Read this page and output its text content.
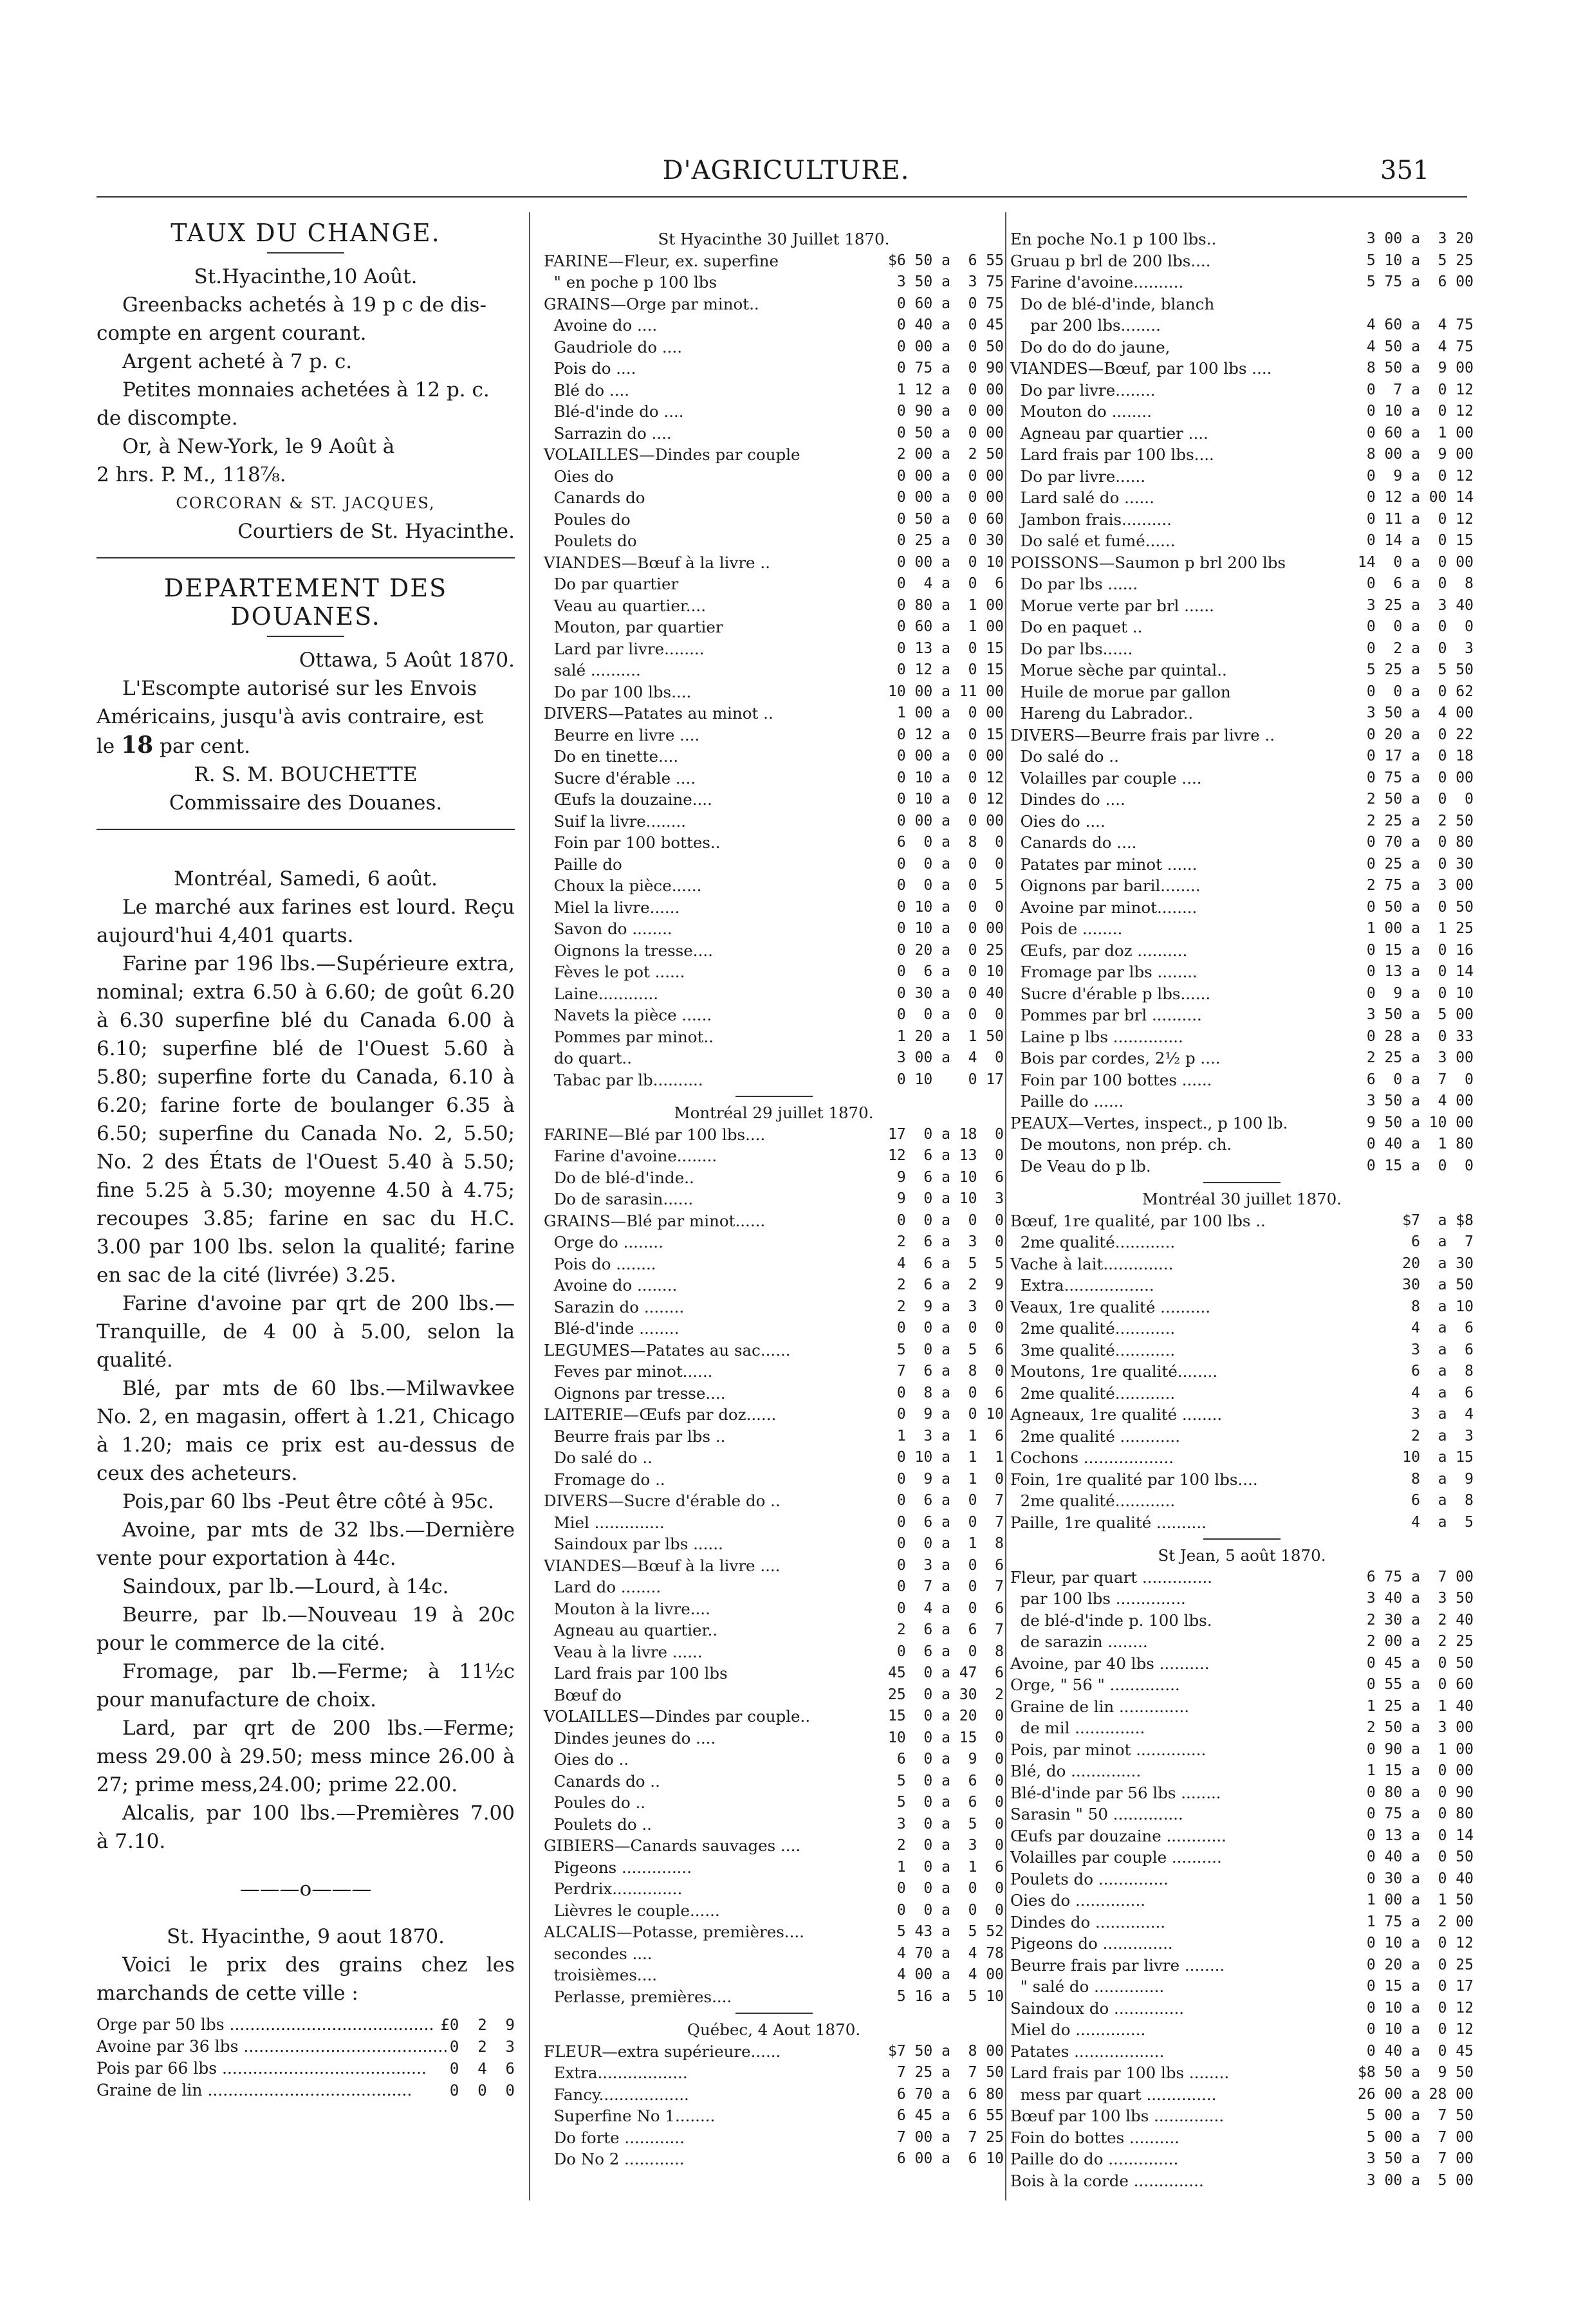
D'AGRICULTURE.	351

TAUX DU CHANGE.

St.Hyacinthe,10 Août.

Greenbacks achetés à 19 p c de dis-

compte en argent courant.

Argent acheté à 7 p. c.

Petites monnaies achetées à 12 p. c.

de discompte.

Or, à New-York, le 9 Août à

2 hrs. P. M., 118⅞.

CORCORAN & ST. JACQUES,

Courtiers de St. Hyacinthe.

DEPARTEMENT DES DOUANES.

Ottawa, 5 Août 1870.

L'Escompte autorisé sur les Envois

Américains, jusqu'à avis contraire, est

le 18 par cent.

R. S. M. BOUCHETTE

Commissaire des Douanes.

Montréal, Samedi, 6 août.

Le marché aux farines est lourd. Reçu aujourd'hui 4,401 quarts.

Farine par 196 lbs.—Supérieure extra, nominal; extra 6.50 à 6.60; de goût 6.20 à 6.30 superfine blé du Canada 6.00 à 6.10; superfine blé de l'Ouest 5.60 à 5.80; superfine forte du Canada, 6.10 à 6.20; farine forte de boulanger 6.35 à 6.50; superfine du Canada No. 2, 5.50; No. 2 des États de l'Ouest 5.40 à 5.50; fine 5.25 à 5.30; moyenne 4.50 à 4.75; recoupes 3.85; farine en sac du H.C. 3.00 par 100 lbs. selon la qualité; farine en sac de la cité (livrée) 3.25.

Farine d'avoine par qrt de 200 lbs.—Tranquille, de 4 00 à 5.00, selon la qualité.

Blé, par mts de 60 lbs.—Milwavkee No. 2, en magasin, offert à 1.21, Chicago à 1.20; mais ce prix est au-dessus de ceux des acheteurs.

Pois,par 60 lbs -Peut être côté à 95c.

Avoine, par mts de 32 lbs.—Dernière vente pour exportation à 44c.

Saindoux, par lb.—Lourd, à 14c.

Beurre, par lb.—Nouveau 19 à 20c pour le commerce de la cité.

Fromage, par lb.—Ferme; à 11½c pour manufacture de choix.

Lard, par qrt de 200 lbs.—Ferme; mess 29.00 à 29.50; mess mince 26.00 à 27; prime mess,24.00; prime 22.00.

Alcalis, par 100 lbs.—Premières 7.00 à 7.10.

———o———

St. Hyacinthe, 9 aout 1870.

Voici le prix des grains chez les marchands de cette ville :

Orge par 50 lbs ........................................ £0  2  9
Avoine par 36 lbs ........................................ 0  2  3
Pois par 66 lbs ........................................	0  4  6
Graine de lin ........................................	0  0  0
St Hyacinthe 30 Juillet 1870.
FARINE—Fleur, ex. superfine	$6 50 a  6 55
" en poche p 100 lbs	3 50 a  3 75
GRAINS—Orge par minot..	0 60 a  0 75
Avoine do ....	0 40 a  0 45
Gaudriole do ....	0 00 a  0 50
Pois do ....	0 75 a  0 90
Blé do ....	1 12 a  0 00
Blé-d'inde do ....	0 90 a  0 00
Sarrazin do ....	0 50 a  0 00
VOLAILLES—Dindes par couple	2 00 a  2 50
Oies do	0 00 a  0 00
Canards do	0 00 a  0 00
Poules do	0 50 a  0 60
Poulets do	0 25 a  0 30
VIANDES—Bœuf à la livre ..	0 00 a  0 10
Do par quartier	0  4 a  0  6
Veau au quartier....	0 80 a  1 00
Mouton, par quartier	0 60 a  1 00
Lard par livre........	0 13 a  0 15
salé ..........	0 12 a  0 15
Do par 100 lbs....	10 00 a 11 00
DIVERS—Patates au minot ..	1 00 a  0 00
Beurre en livre ....	0 12 a  0 15
Do en tinette....	0 00 a  0 00
Sucre d'érable ....	0 10 a  0 12
Œufs la douzaine....	0 10 a  0 12
Suif la livre........	0 00 a  0 00
Foin par 100 bottes..	6  0 a  8  0
Paille do	0  0 a  0  0
Choux la pièce......	0  0 a  0  5
Miel la livre......	0 10 a  0  0
Savon do ........	0 10 a  0 00
Oignons la tresse....	0 20 a  0 25
Fèves le pot ......	0  6 a  0 10
Laine............	0 30 a  0 40
Navets la pièce ......	0  0 a  0  0
Pommes par minot..	1 20 a  1 50
do quart..	3 00 a  4  0
Tabac par lb..........	0 10    0 17
Montréal 29 juillet 1870.
FARINE—Blé par 100 lbs....	17  0 a 18  0
Farine d'avoine........	12  6 a 13  0
Do de blé-d'inde..	9  6 a 10  6
Do de sarasin......	9  0 a 10  3
GRAINS—Blé par minot......	0  0 a  0  0
Orge do ........	2  6 a  3  0
Pois do ........	4  6 a  5  5
Avoine do ........	2  6 a  2  9
Sarazin do ........	2  9 a  3  0
Blé-d'inde ........	0  0 a  0  0
LEGUMES—Patates au sac......	5  0 a  5  6
Feves par minot......	7  6 a  8  0
Oignons par tresse....	0  8 a  0  6
LAITERIE—Œufs par doz......	0  9 a  0 10
Beurre frais par lbs ..	1  3 a  1  6
Do salé do ..	0 10 a  1  1
Fromage do ..	0  9 a  1  0
DIVERS—Sucre d'érable do ..	0  6 a  0  7
Miel ..............	0  6 a  0  7
Saindoux par lbs ......	0  0 a  1  8
VIANDES—Bœuf à la livre ....	0  3 a  0  6
Lard do ........	0  7 a  0  7
Mouton à la livre....	0  4 a  0  6
Agneau au quartier..	2  6 a  6  7
Veau à la livre ......	0  6 a  0  8
Lard frais par 100 lbs	45  0 a 47  6
Bœuf do	25  0 a 30  2
VOLAILLES—Dindes par couple..	15  0 a 20  0
Dindes jeunes do ....	10  0 a 15  0
Oies do ..	6  0 a  9  0
Canards do ..	5  0 a  6  0
Poules do ..	5  0 a  6  0
Poulets do ..	3  0 a  5  0
GIBIERS—Canards sauvages ....	2  0 a  3  0
Pigeons ..............	1  0 a  1  6
Perdrix..............	0  0 a  0  0
Lièvres le couple......	0  0 a  0  0
ALCALIS—Potasse, premières....	5 43 a  5 52
secondes ....	4 70 a  4 78
troisièmes....	4 00 a  4 00
Perlasse, premières....	5 16 a  5 10
Québec, 4 Aout 1870.
FLEUR—extra supérieure......	$7 50 a  8 00
Extra..................	7 25 a  7 50
Fancy..................	6 70 a  6 80
Superfine No 1........	6 45 a  6 55
Do forte ............	7 00 a  7 25
Do No 2 ............	6 00 a  6 10
En poche No.1 p 100 lbs..	3 00 a  3 20
Gruau p brl de 200 lbs....	5 10 a  5 25
Farine d'avoine..........	5 75 a  6 00
Do de blé-d'inde, blanch
par 200 lbs........	4 60 a  4 75
Do do do do jaune,	4 50 a  4 75
VIANDES—Bœuf, par 100 lbs ....	8 50 a  9 00
Do par livre........	0  7 a  0 12
Mouton do ........	0 10 a  0 12
Agneau par quartier ....	0 60 a  1 00
Lard frais par 100 lbs....	8 00 a  9 00
Do par livre......	0  9 a  0 12
Lard salé do ......	0 12 a 00 14
Jambon frais..........	0 11 a  0 12
Do salé et fumé......	0 14 a  0 15
POISSONS—Saumon p brl 200 lbs	14  0 a  0 00
Do par lbs ......	0  6 a  0  8
Morue verte par brl ......	3 25 a  3 40
Do en paquet ..	0  0 a  0  0
Do par lbs......	0  2 a  0  3
Morue sèche par quintal..	5 25 a  5 50
Huile de morue par gallon	0  0 a  0 62
Hareng du Labrador..	3 50 a  4 00
DIVERS—Beurre frais par livre ..	0 20 a  0 22
Do salé do ..	0 17 a  0 18
Volailles par couple ....	0 75 a  0 00
Dindes do ....	2 50 a  0  0
Oies do ....	2 25 a  2 50
Canards do ....	0 70 a  0 80
Patates par minot ......	0 25 a  0 30
Oignons par baril........	2 75 a  3 00
Avoine par minot........	0 50 a  0 50
Pois de ........	1 00 a  1 25
Œufs, par doz ..........	0 15 a  0 16
Fromage par lbs ........	0 13 a  0 14
Sucre d'érable p lbs......	0  9 a  0 10
Pommes par brl ..........	3 50 a  5 00
Laine p lbs ..............	0 28 a  0 33
Bois par cordes, 2½ p ....	2 25 a  3 00
Foin par 100 bottes ......	6  0 a  7  0
Paille do ......	3 50 a  4 00
PEAUX—Vertes, inspect., p 100 lb.	9 50 a 10 00
De moutons, non prép. ch.	0 40 a  1 80
De Veau do p lb.	0 15 a  0  0
Montréal 30 juillet 1870.
Bœuf, 1re qualité, par 100 lbs ..	$7  a $8
2me qualité............	6  a  7
Vache à lait..............	20  a 30
Extra..................	30  a 50
Veaux, 1re qualité ..........	8  a 10
2me qualité............	4  a  6
3me qualité............	3  a  6
Moutons, 1re qualité........	6  a  8
2me qualité............	4  a  6
Agneaux, 1re qualité ........	3  a  4
2me qualité ............	2  a  3
Cochons ..................	10  a 15
Foin, 1re qualité par 100 lbs....	8  a  9
2me qualité............	6  a  8
Paille, 1re qualité ..........	4  a  5
St Jean, 5 août 1870.
Fleur, par quart ..............	6 75 a  7 00
par 100 lbs ..............	3 40 a  3 50
de blé-d'inde p. 100 lbs.	2 30 a  2 40
de sarazin ........	2 00 a  2 25
Avoine, par 40 lbs ..........	0 45 a  0 50
Orge, " 56 " ..............	0 55 a  0 60
Graine de lin ..............	1 25 a  1 40
de mil ..............	2 50 a  3 00
Pois, par minot ..............	0 90 a  1 00
Blé, do ..............	1 15 a  0 00
Blé-d'inde par 56 lbs ........	0 80 a  0 90
Sarasin " 50 ..............	0 75 a  0 80
Œufs par douzaine ............	0 13 a  0 14
Volailles par couple ..........	0 40 a  0 50
Poulets do ..............	0 30 a  0 40
Oies do ..............	1 00 a  1 50
Dindes do ..............	1 75 a  2 00
Pigeons do ..............	0 10 a  0 12
Beurre frais par livre ........	0 20 a  0 25
" salé do ..............	0 15 a  0 17
Saindoux do ..............	0 10 a  0 12
Miel do ..............	0 10 a  0 12
Patates ..................	0 40 a  0 45
Lard frais par 100 lbs ........	$8 50 a  9 50
mess par quart ..............	26 00 a 28 00
Bœuf par 100 lbs ..............	5 00 a  7 50
Foin do bottes ..........	5 00 a  7 00
Paille do do ..............	3 50 a  7 00
Bois à la corde ..............	3 00 a  5 00
